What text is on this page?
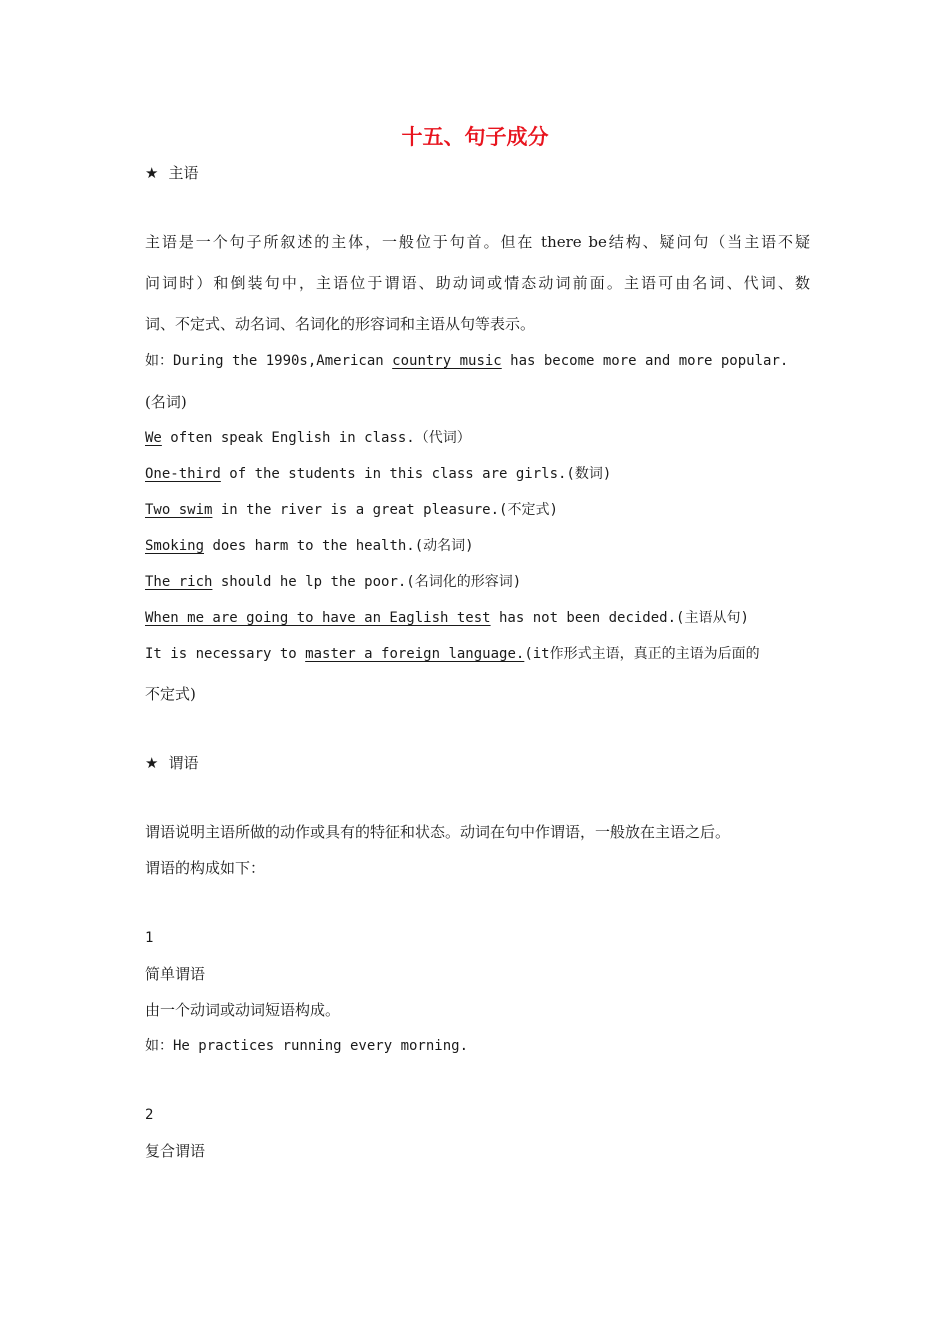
十五、句子成分
★ 主语
主语是一个句子所叙述的主体，一般位于句首。但在 there be结构、疑问句（当主语不疑
问词时）和倒装句中，主语位于谓语、助动词或情态动词前面。主语可由名词、代词、数
词、不定式、动名词、名词化的形容词和主语从句等表示。
如：During the 1990s,American country music has become more and more popular.
(名词)
We often speak English in class.（代词）
One-third of the students in this class are girls.(数词)
Two swim in the river is a great pleasure.(不定式)
Smoking does harm to the health.(动名词)
The rich should he lp the poor.(名词化的形容词)
When me are going to have an Eaglish test has not been decided.(主语从句)
It is necessary to master a foreign language.(it作形式主语，真正的主语为后面的
不定式)
★ 谓语
谓语说明主语所做的动作或具有的特征和状态。动词在句中作谓语，一般放在主语之后。
谓语的构成如下：
1
简单谓语
由一个动词或动词短语构成。
如：He practices running every morning.
2
复合谓语
